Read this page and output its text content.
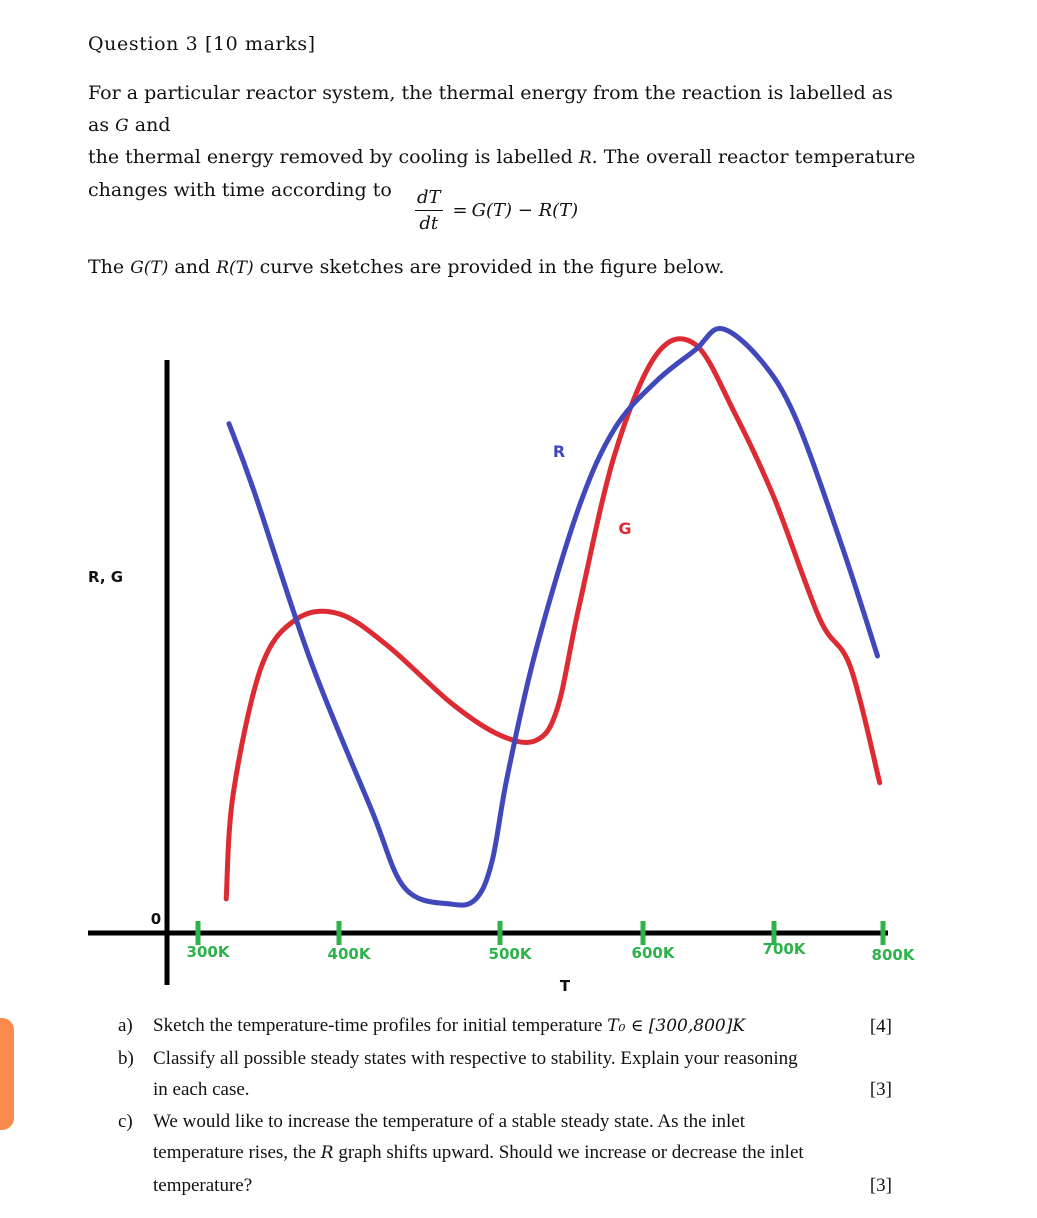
Question 3 [10 marks]
For a particular reactor system, the thermal energy from the reaction is labelled as as G and
the thermal energy removed by cooling is labelled R. The overall reactor temperature
changes with time according to	$\frac{dT}{dt} = G(T) - R(T)$
The G(T) and R(T) curve sketches are provided in the figure below.
300K	400K	500K	600K	700K	800K
R, G
T
0
R
G
a) Sketch the temperature-time profiles for initial temperature T₀ ∈ [300,800]K	[4]
b) Classify all possible steady states with respective to stability. Explain your reasoning
in each case.	[3]
c) We would like to increase the temperature of a stable steady state. As the inlet
temperature rises, the R graph shifts upward. Should we increase or decrease the inlet
temperature?	[3]
